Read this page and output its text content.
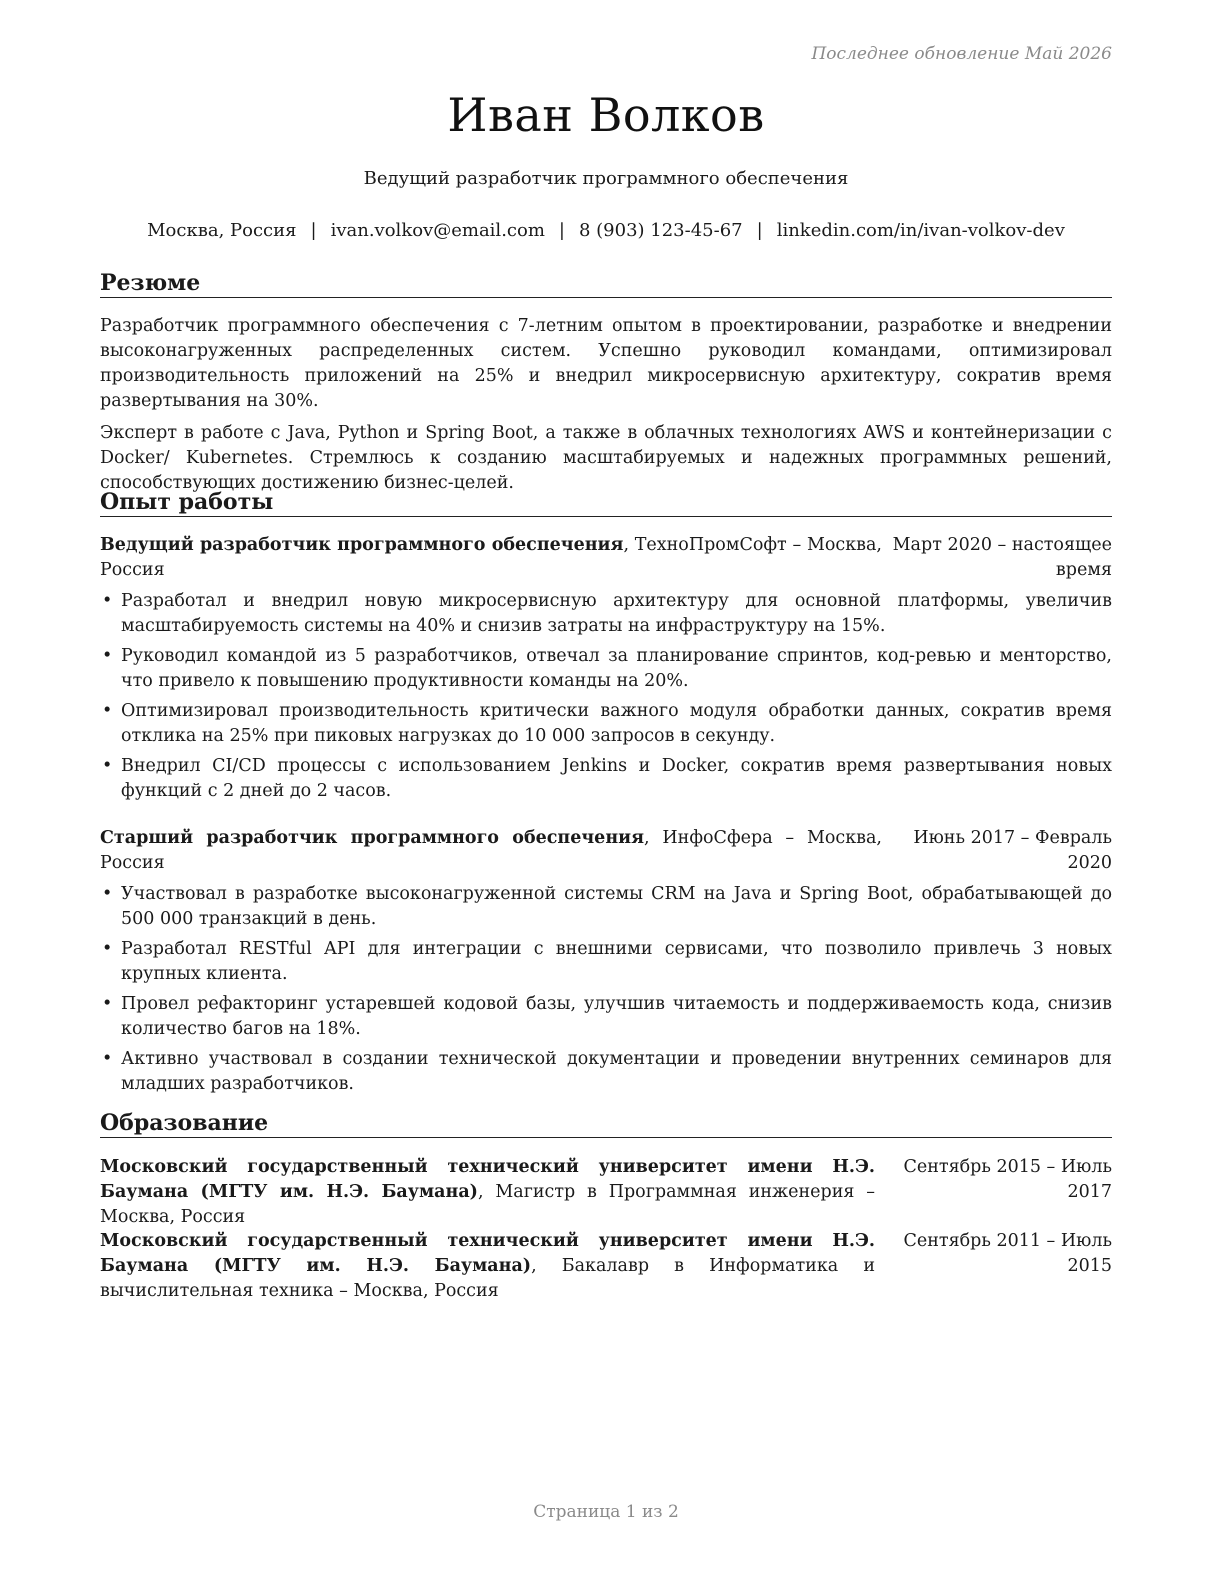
Последнее обновление Май 2026
Иван Волков
Ведущий разработчик программного обеспечения
Москва, Россия | ivan.volkov@email.com | 8 (903) 123-45-67 | linkedin.com/in/ivan-volkov-dev
Резюме

Разработчик программного обеспечения с 7-летним опытом в проектировании, разработке и внедрении высоконагруженных распределенных систем. Успешно руководил командами, оптимизировал производительность приложений на 25% и внедрил микросервисную архитектуру, сократив время развертывания на 30%.

Эксперт в работе с Java, Python и Spring Boot, а также в облачных технологиях AWS и контейнеризации с Docker/ Kubernetes. Стремлюсь к созданию масштабируемых и надежных программных решений, способствующих достижению бизнес-целей.

Опыт работы
Ведущий разработчик программного обеспечения, ТехноПромСофт – Москва, Россия
Март 2020 – настоящее время
• Разработал и внедрил новую микросервисную архитектуру для основной платформы, увеличив масштабируемость системы на 40% и снизив затраты на инфраструктуру на 15%.
• Руководил командой из 5 разработчиков, отвечал за планирование спринтов, код-ревью и менторство, что привело к повышению продуктивности команды на 20%.
• Оптимизировал производительность критически важного модуля обработки данных, сократив время отклика на 25% при пиковых нагрузках до 10 000 запросов в секунду.
• Внедрил CI/CD процессы с использованием Jenkins и Docker, сократив время развертывания новых функций с 2 дней до 2 часов.
Старший разработчик программного обеспечения, ИнфоСфера – Москва, Россия
Июнь 2017 – Февраль 2020
• Участвовал в разработке высоконагруженной системы CRM на Java и Spring Boot, обрабатывающей до 500 000 транзакций в день.
• Разработал RESTful API для интеграции с внешними сервисами, что позволило привлечь 3 новых крупных клиента.
• Провел рефакторинг устаревшей кодовой базы, улучшив читаемость и поддерживаемость кода, снизив количество багов на 18%.
• Активно участвовал в создании технической документации и проведении внутренних семинаров для младших разработчиков.
Образование
Московский государственный технический университет имени Н.Э. Баумана (МГТУ им. Н.Э. Баумана), Магистр в Программная инженерия – Москва, Россия
Сентябрь 2015 – Июль 2017
Московский государственный технический университет имени Н.Э. Баумана (МГТУ им. Н.Э. Баумана), Бакалавр в Информатика и вычислительная техника – Москва, Россия
Сентябрь 2011 – Июль 2015
Страница 1 из 2
